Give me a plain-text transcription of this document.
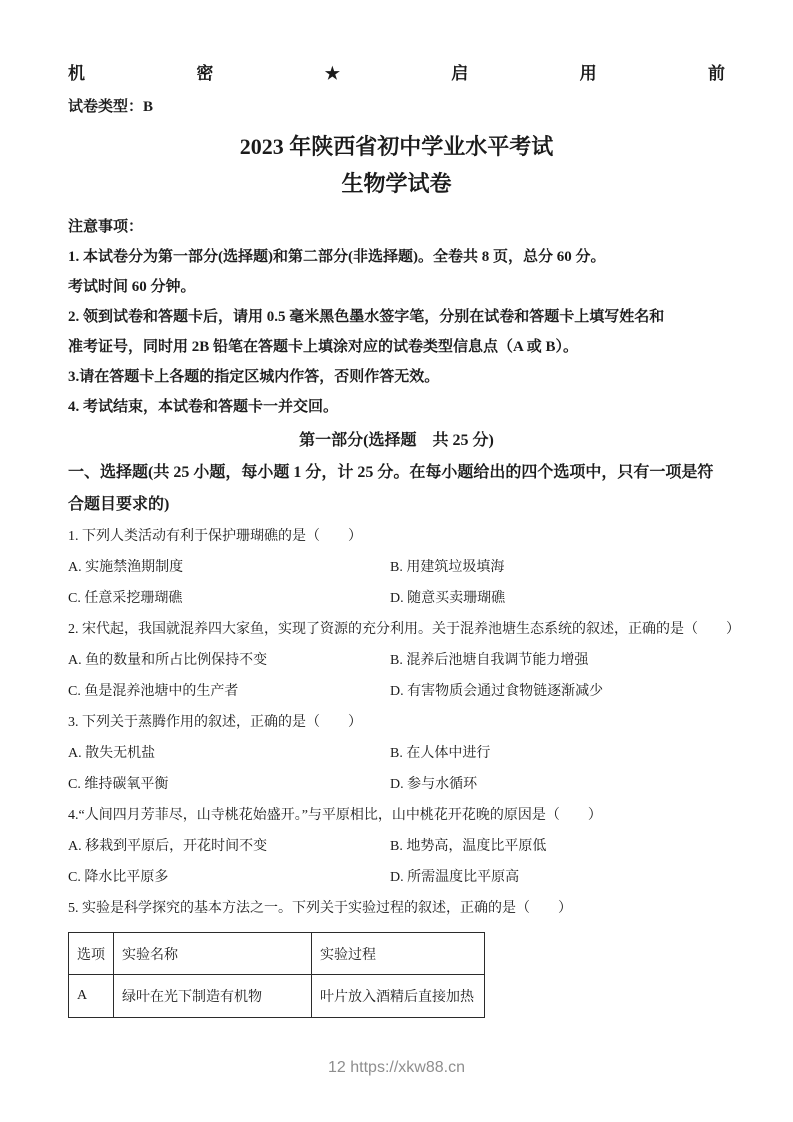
机	密	★	启	用	前
试卷类型：B
2023 年陕西省初中学业水平考试
生物学试卷
注意事项：
1. 本试卷分为第一部分(选择题)和第二部分(非选择题)。全卷共 8 页，总分 60 分。
考试时间 60 分钟。
2. 领到试卷和答题卡后，请用 0.5 毫米黑色墨水签字笔，分别在试卷和答题卡上填写姓名和
准考证号，同时用 2B 铅笔在答题卡上填涂对应的试卷类型信息点（A 或 B）。
3.请在答题卡上各题的指定区城内作答，否则作答无效。
4. 考试结束，本试卷和答题卡一并交回。
第一部分(选择题　共 25 分)
一、选择题(共 25 小题，每小题 1 分，计 25 分。在每小题给出的四个选项中，只有一项是符
合题目要求的)
1. 下列人类活动有利于保护珊瑚礁的是（　　）
A. 实施禁渔期制度	B. 用建筑垃圾填海
C. 任意采挖珊瑚礁	D. 随意买卖珊瑚礁
2. 宋代起，我国就混养四大家鱼，实现了资源的充分利用。关于混养池塘生态系统的叙述，正确的是（　　）
A. 鱼的数量和所占比例保持不变	B. 混养后池塘自我调节能力增强
C. 鱼是混养池塘中的生产者	D. 有害物质会通过食物链逐渐减少
3. 下列关于蒸腾作用的叙述，正确的是（　　）
A. 散失无机盐	B. 在人体中进行
C. 维持碳氧平衡	D. 参与水循环
4.“人间四月芳菲尽，山寺桃花始盛开。”与平原相比，山中桃花开花晚的原因是（　　）
A. 移栽到平原后，开花时间不变	B. 地势高，温度比平原低
C. 降水比平原多	D. 所需温度比平原高
5. 实验是科学探究的基本方法之一。下列关于实验过程的叙述，正确的是（　　）
选项	实验名称	实验过程
A	绿叶在光下制造有机物	叶片放入酒精后直接加热
12 https://xkw88.cn
